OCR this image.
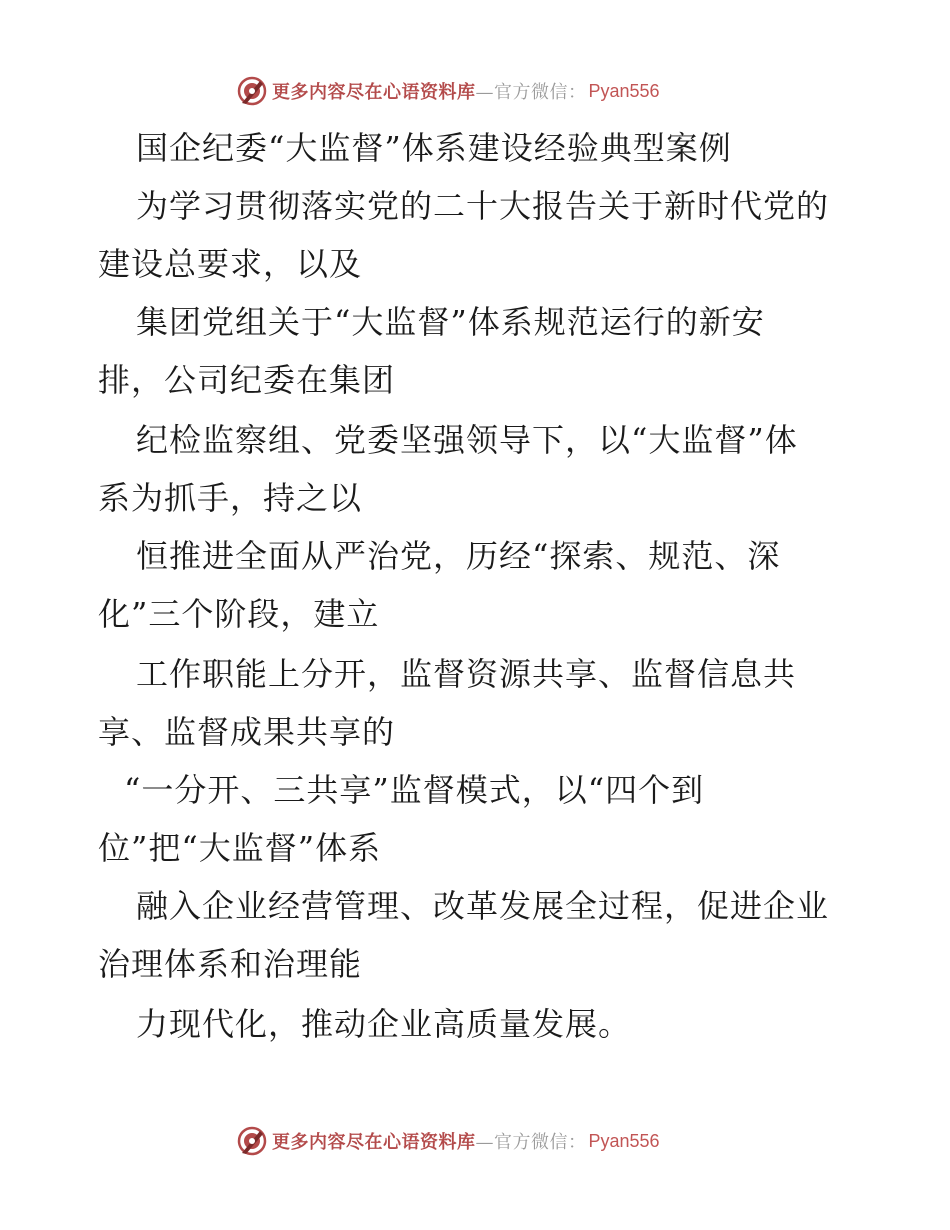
更多内容尽在心语资料库 —官方微信： Pyan556
国企纪委“大监督”体系建设经验典型案例
为学习贯彻落实党的二十大报告关于新时代党的
建设总要求，以及
集团党组关于“大监督”体系规范运行的新安
排，公司纪委在集团
纪检监察组、党委坚强领导下，以“大监督”体
系为抓手，持之以
恒推进全面从严治党，历经“探索、规范、深
化”三个阶段，建立
工作职能上分开，监督资源共享、监督信息共
享、监督成果共享的
“一分开、三共享”监督模式，以“四个到
位”把“大监督”体系
融入企业经营管理、改革发展全过程，促进企业
治理体系和治理能
力现代化，推动企业高质量发展。
更多内容尽在心语资料库 —官方微信： Pyan556
